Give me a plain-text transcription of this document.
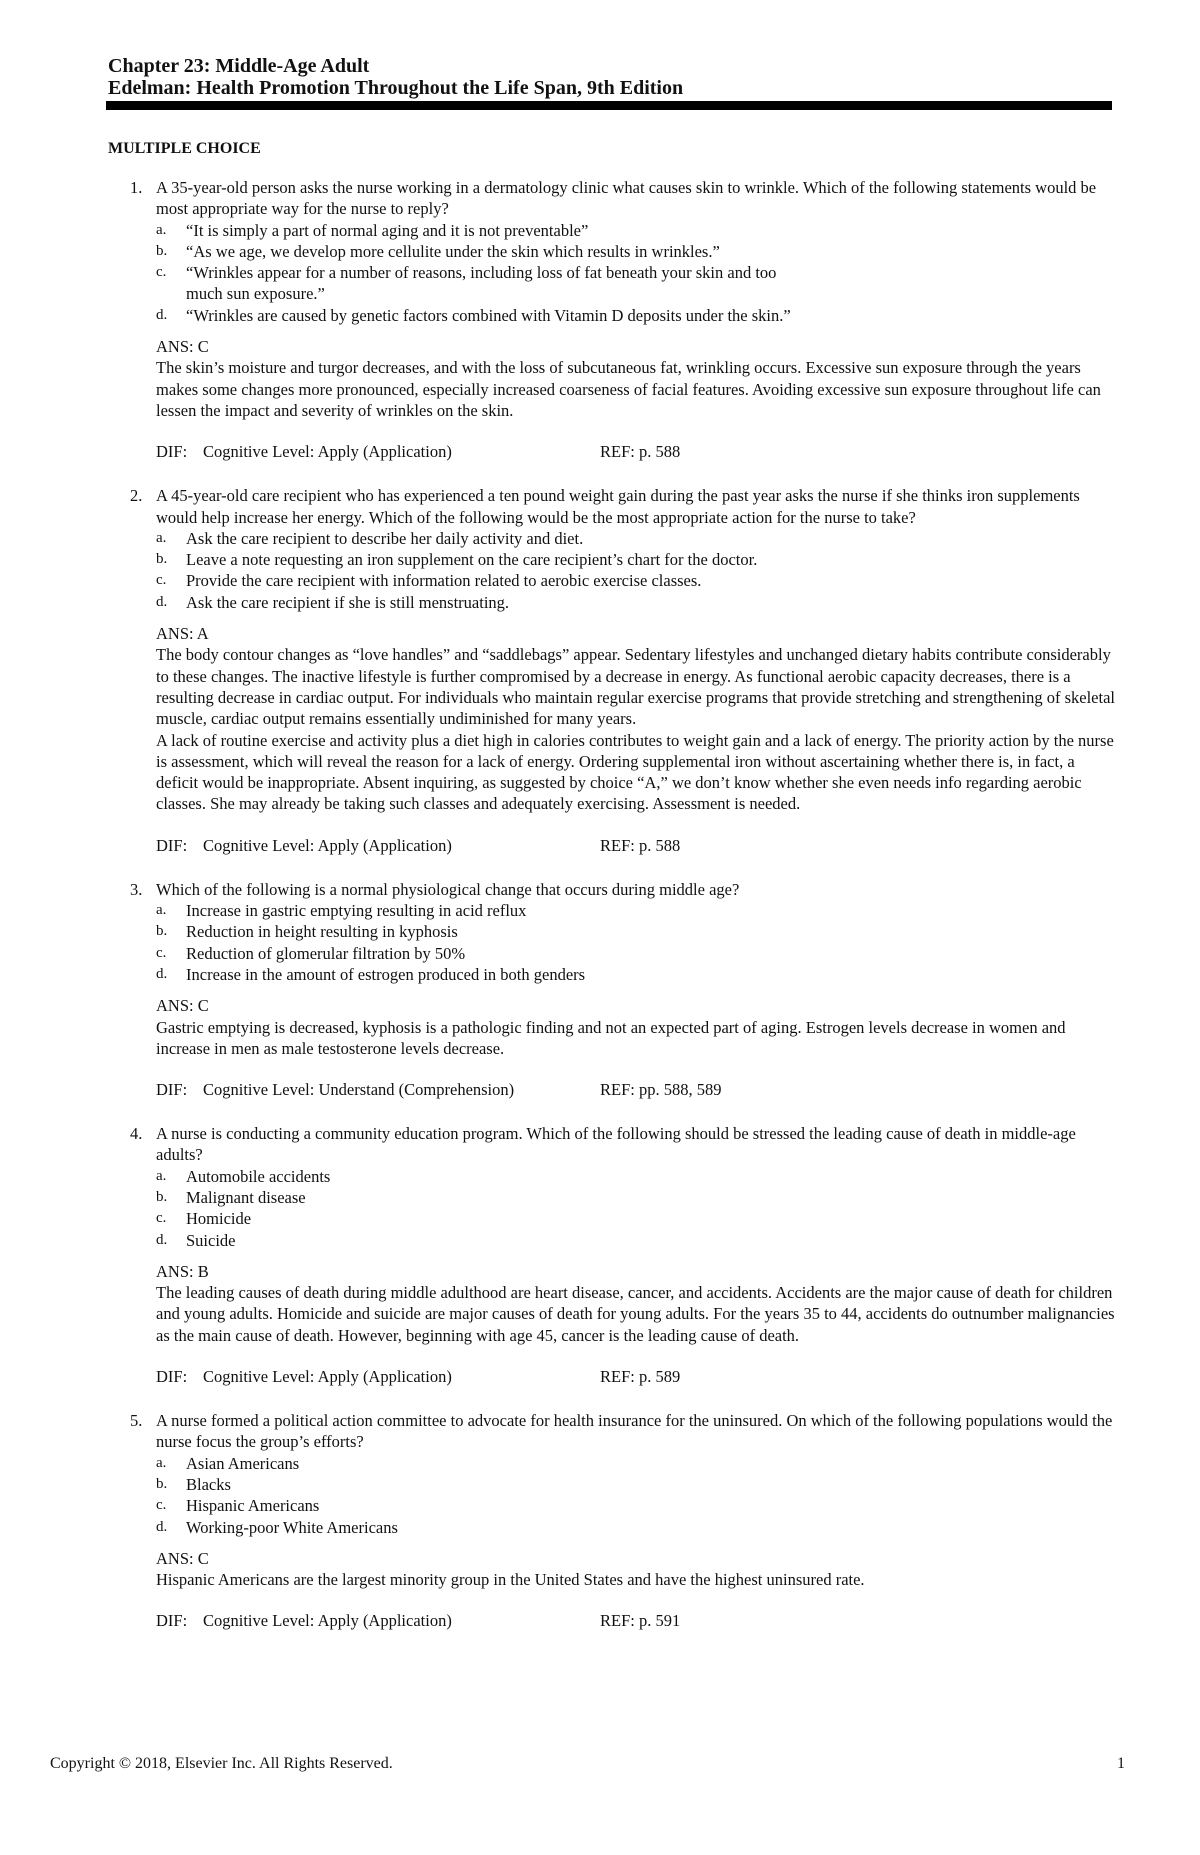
Chapter 23: Middle-Age Adult
Edelman: Health Promotion Throughout the Life Span, 9th Edition
MULTIPLE CHOICE
1. A 35-year-old person asks the nurse working in a dermatology clinic what causes skin to wrinkle. Which of the following statements would be most appropriate way for the nurse to reply?

a. “It is simply a part of normal aging and it is not preventable”
b. “As we age, we develop more cellulite under the skin which results in wrinkles.”
c. “Wrinkles appear for a number of reasons, including loss of fat beneath your skin and too much sun exposure.”
d. “Wrinkles are caused by genetic factors combined with Vitamin D deposits under the skin.”
ANS: C

The skin’s moisture and turgor decreases, and with the loss of subcutaneous fat, wrinkling occurs. Excessive sun exposure through the years makes some changes more pronounced, especially increased coarseness of facial features. Avoiding excessive sun exposure throughout life can lessen the impact and severity of wrinkles on the skin.

DIF: Cognitive Level: Apply (Application)	REF: p. 588
2. A 45-year-old care recipient who has experienced a ten pound weight gain during the past year asks the nurse if she thinks iron supplements would help increase her energy. Which of the following would be the most appropriate action for the nurse to take?

a. Ask the care recipient to describe her daily activity and diet.
b. Leave a note requesting an iron supplement on the care recipient’s chart for the doctor.
c. Provide the care recipient with information related to aerobic exercise classes.
d. Ask the care recipient if she is still menstruating.
ANS: A

The body contour changes as “love handles” and “saddlebags” appear. Sedentary lifestyles and unchanged dietary habits contribute considerably to these changes. The inactive lifestyle is further compromised by a decrease in energy. As functional aerobic capacity decreases, there is a resulting decrease in cardiac output. For individuals who maintain regular exercise programs that provide stretching and strengthening of skeletal muscle, cardiac output remains essentially undiminished for many years.

A lack of routine exercise and activity plus a diet high in calories contributes to weight gain and a lack of energy. The priority action by the nurse is assessment, which will reveal the reason for a lack of energy. Ordering supplemental iron without ascertaining whether there is, in fact, a deficit would be inappropriate. Absent inquiring, as suggested by choice “A,” we don’t know whether she even needs info regarding aerobic classes. She may already be taking such classes and adequately exercising. Assessment is needed.

DIF: Cognitive Level: Apply (Application)	REF: p. 588
3. Which of the following is a normal physiological change that occurs during middle age?

a. Increase in gastric emptying resulting in acid reflux
b. Reduction in height resulting in kyphosis
c. Reduction of glomerular filtration by 50%
d. Increase in the amount of estrogen produced in both genders
ANS: C

Gastric emptying is decreased, kyphosis is a pathologic finding and not an expected part of aging. Estrogen levels decrease in women and increase in men as male testosterone levels decrease.

DIF: Cognitive Level: Understand (Comprehension)	REF: pp. 588, 589
4. A nurse is conducting a community education program. Which of the following should be stressed the leading cause of death in middle-age adults?

a. Automobile accidents
b. Malignant disease
c. Homicide
d. Suicide
ANS: B

The leading causes of death during middle adulthood are heart disease, cancer, and accidents. Accidents are the major cause of death for children and young adults. Homicide and suicide are major causes of death for young adults. For the years 35 to 44, accidents do outnumber malignancies as the main cause of death. However, beginning with age 45, cancer is the leading cause of death.

DIF: Cognitive Level: Apply (Application)	REF: p. 589
5. A nurse formed a political action committee to advocate for health insurance for the uninsured. On which of the following populations would the nurse focus the group’s efforts?

a. Asian Americans
b. Blacks
c. Hispanic Americans
d. Working-poor White Americans
ANS: C

Hispanic Americans are the largest minority group in the United States and have the highest uninsured rate.

DIF: Cognitive Level: Apply (Application)	REF: p. 591
Copyright © 2018, Elsevier Inc. All Rights Reserved.	1
